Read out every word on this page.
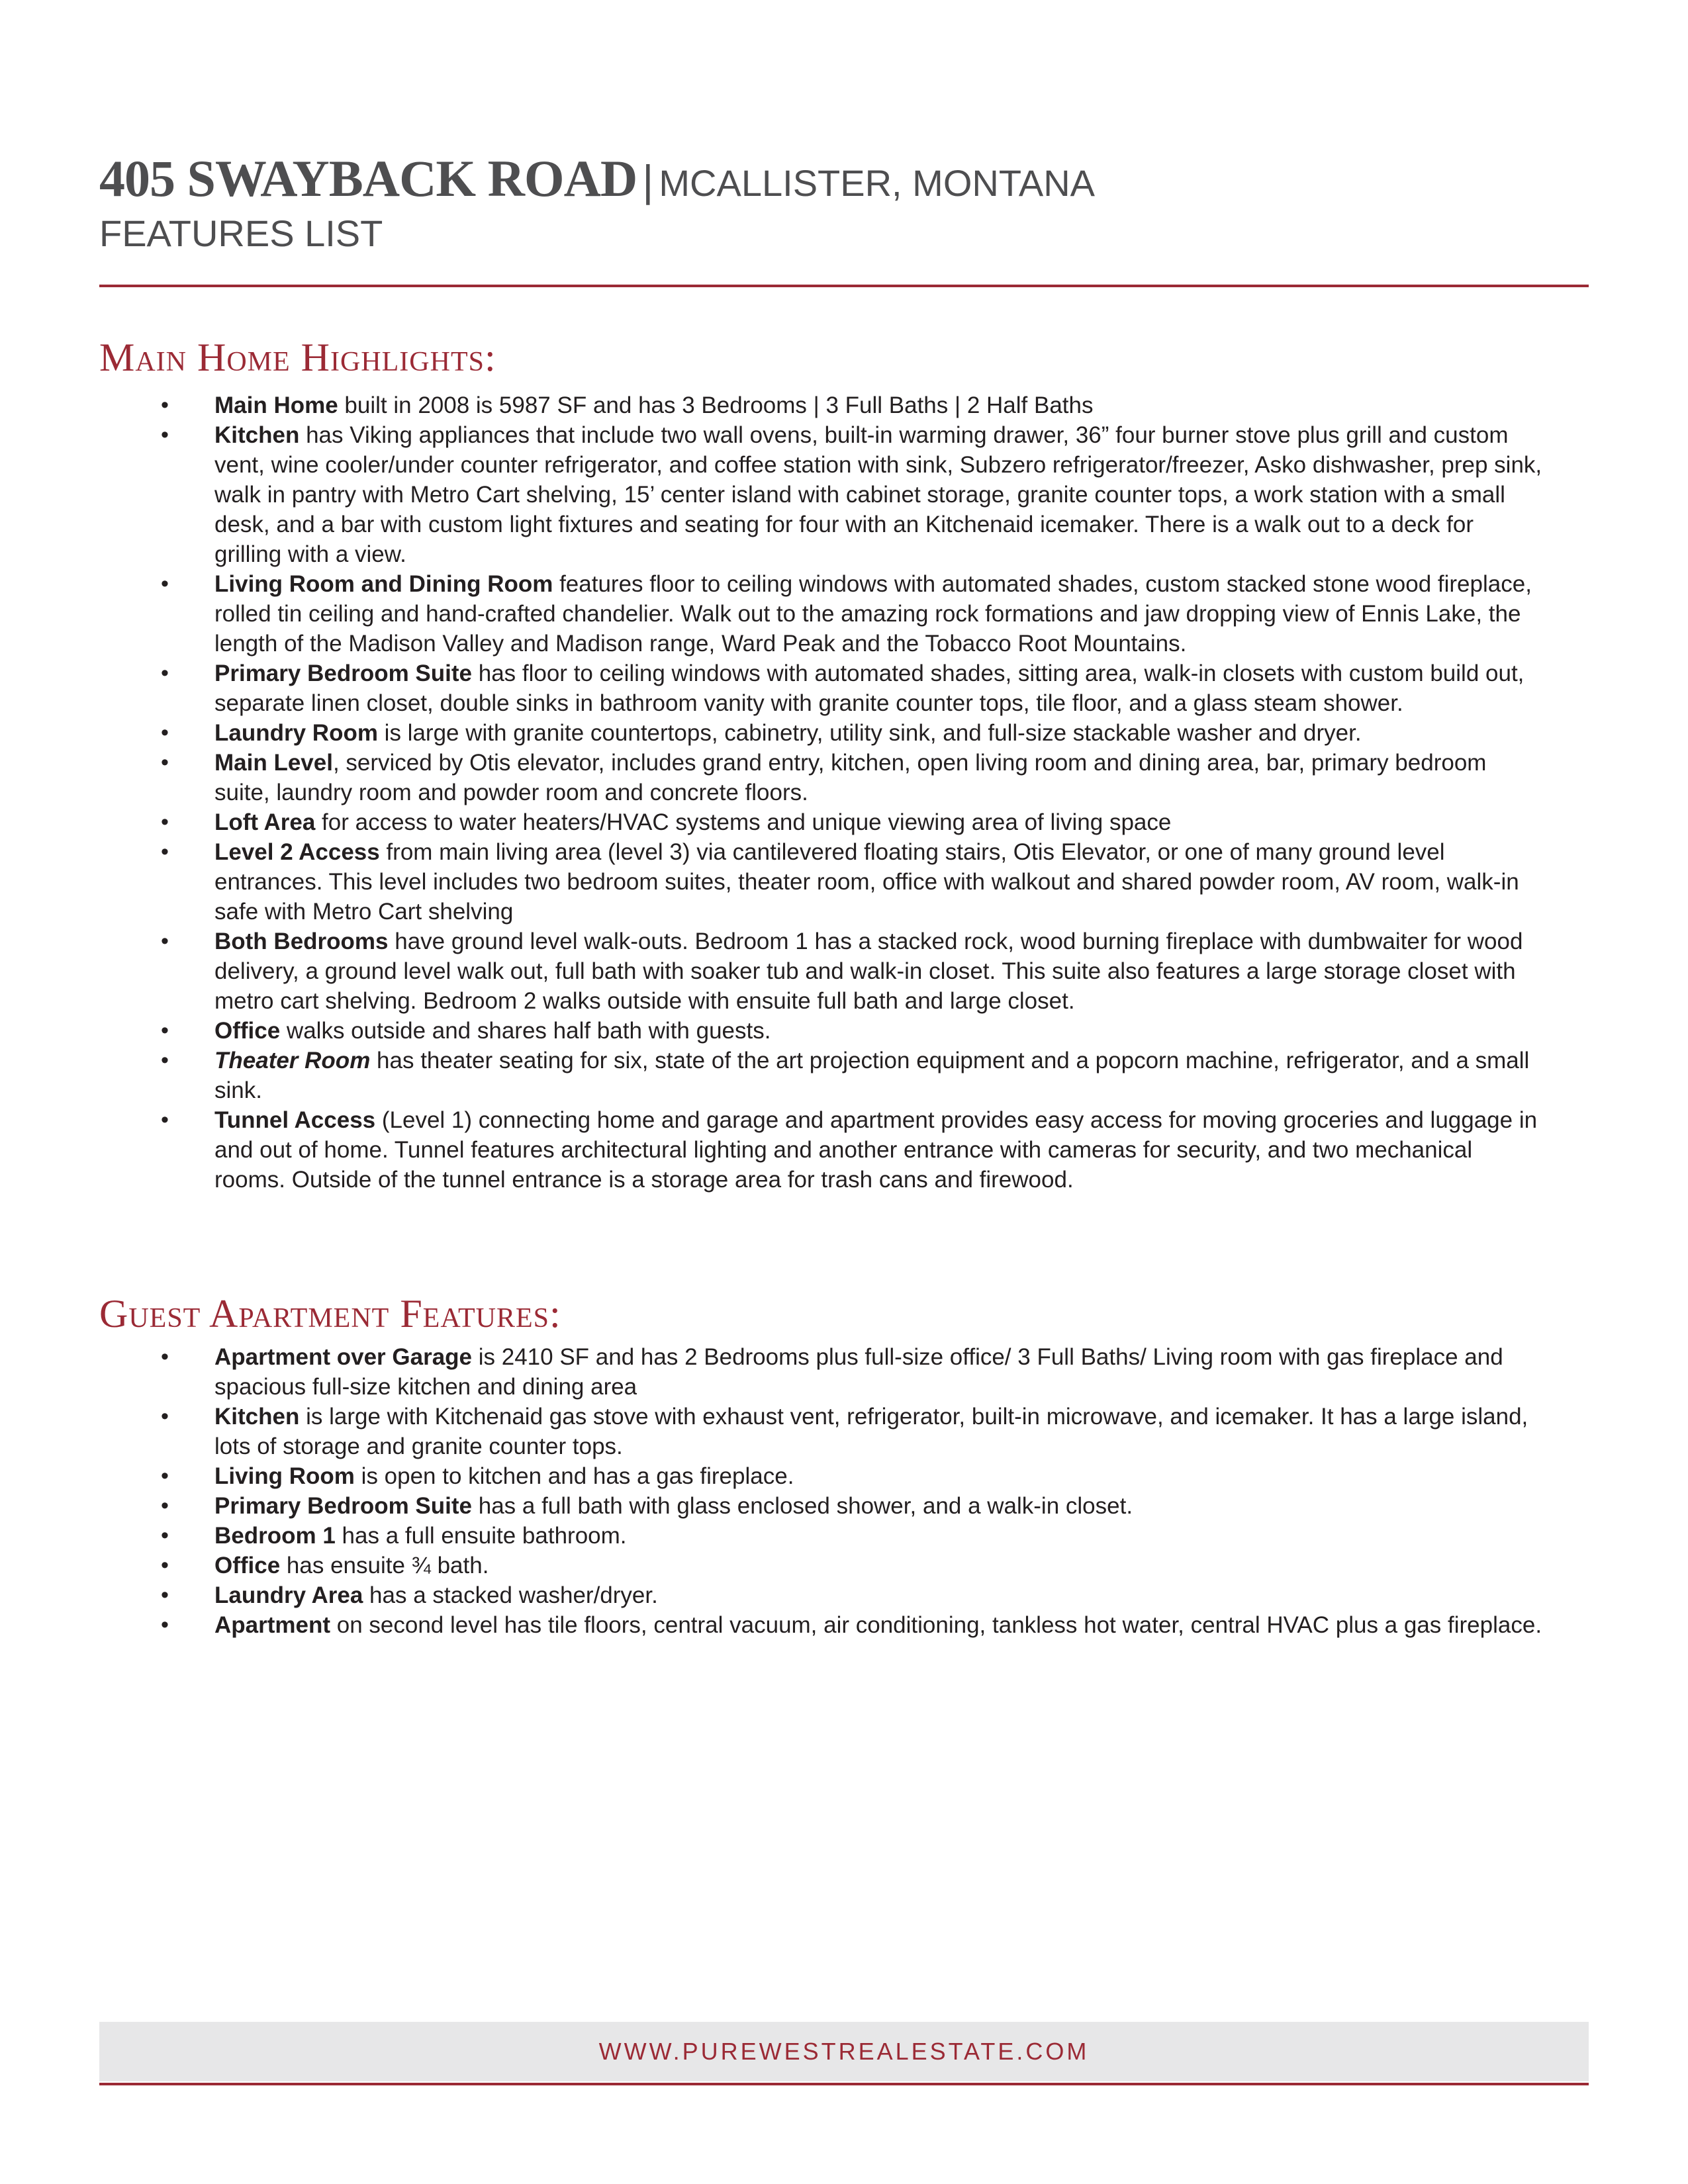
405 SWAYBACK ROAD | MCALLISTER, MONTANA
FEATURES LIST
Main Home Highlights:
• Main Home built in 2008 is 5987 SF and has 3 Bedrooms | 3 Full Baths | 2 Half Baths
• Kitchen has Viking appliances that include two wall ovens, built-in warming drawer, 36” four burner stove plus grill and custom vent, wine cooler/under counter refrigerator, and coffee station with sink, Subzero refrigerator/freezer, Asko dishwasher, prep sink, walk in pantry with Metro Cart shelving, 15’ center island with cabinet storage, granite counter tops, a work station with a small desk, and a bar with custom light fixtures and seating for four with an Kitchenaid icemaker. There is a walk out to a deck for grilling with a view.
• Living Room and Dining Room features floor to ceiling windows with automated shades, custom stacked stone wood fireplace, rolled tin ceiling and hand-crafted chandelier. Walk out to the amazing rock formations and jaw dropping view of Ennis Lake, the length of the Madison Valley and Madison range, Ward Peak and the Tobacco Root Mountains.
• Primary Bedroom Suite has floor to ceiling windows with automated shades, sitting area, walk-in closets with custom build out, separate linen closet, double sinks in bathroom vanity with granite counter tops, tile floor, and a glass steam shower.
• Laundry Room is large with granite countertops, cabinetry, utility sink, and full-size stackable washer and dryer.
• Main Level, serviced by Otis elevator, includes grand entry, kitchen, open living room and dining area, bar, primary bedroom suite, laundry room and powder room and concrete floors.
• Loft Area for access to water heaters/HVAC systems and unique viewing area of living space
• Level 2 Access from main living area (level 3) via cantilevered floating stairs, Otis Elevator, or one of many ground level entrances. This level includes two bedroom suites, theater room, office with walkout and shared powder room, AV room, walk-in safe with Metro Cart shelving
• Both Bedrooms have ground level walk-outs. Bedroom 1 has a stacked rock, wood burning fireplace with dumbwaiter for wood delivery, a ground level walk out, full bath with soaker tub and walk-in closet. This suite also features a large storage closet with metro cart shelving. Bedroom 2 walks outside with ensuite full bath and large closet.
• Office walks outside and shares half bath with guests.
• Theater Room has theater seating for six, state of the art projection equipment and a popcorn machine, refrigerator, and a small sink.
• Tunnel Access (Level 1) connecting home and garage and apartment provides easy access for moving groceries and luggage in and out of home. Tunnel features architectural lighting and another entrance with cameras for security, and two mechanical rooms. Outside of the tunnel entrance is a storage area for trash cans and firewood.
Guest Apartment Features:
• Apartment over Garage is 2410 SF and has 2 Bedrooms plus full-size office/ 3 Full Baths/ Living room with gas fireplace and spacious full-size kitchen and dining area
• Kitchen is large with Kitchenaid gas stove with exhaust vent, refrigerator, built-in microwave, and icemaker. It has a large island, lots of storage and granite counter tops.
• Living Room is open to kitchen and has a gas fireplace.
• Primary Bedroom Suite has a full bath with glass enclosed shower, and a walk-in closet.
• Bedroom 1 has a full ensuite bathroom.
• Office has ensuite ¾ bath.
• Laundry Area has a stacked washer/dryer.
• Apartment on second level has tile floors, central vacuum, air conditioning, tankless hot water, central HVAC plus a gas fireplace.
WWW.PUREWESTREALESTATE.COM
